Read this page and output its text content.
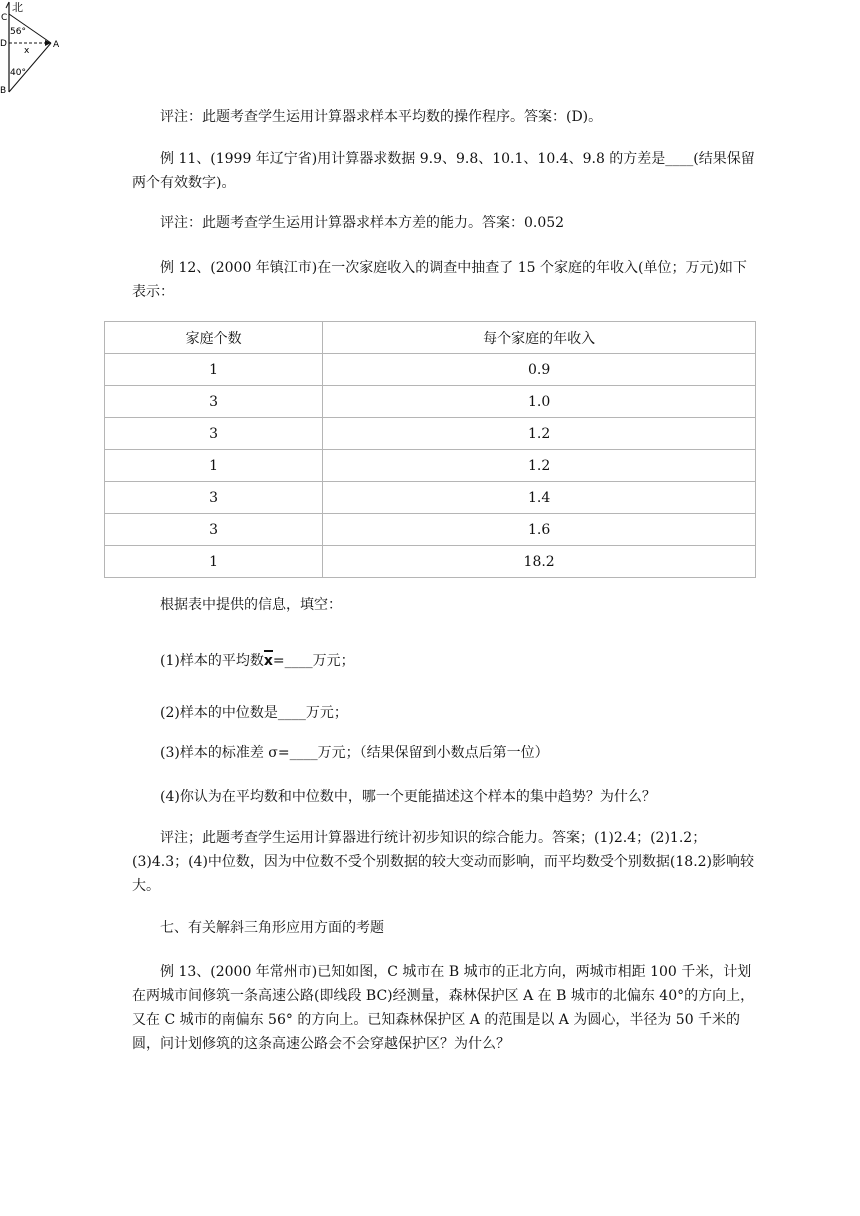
北
C
56°
D
x
A
40°
B

评注：此题考查学生运用计算器求样本平均数的操作程序。答案：(D)。

例 11、(1999 年辽宁省)用计算器求数据 9.9、9.8、10.1、10.4、9.8 的方差是____(结果保留两个有效数字)。

评注：此题考查学生运用计算器求样本方差的能力。答案：0.052

例 12、(2000 年镇江市)在一次家庭收入的调查中抽查了 15 个家庭的年收入(单位；万元)如下表示：

家庭个数	每个家庭的年收入
1	0.9
3	1.0
3	1.2
1	1.2
3	1.4
3	1.6
1	18.2

根据表中提供的信息，填空：

(1)样本的平均数x=____万元；

(2)样本的中位数是____万元；

(3)样本的标准差 σ=____万元；（结果保留到小数点后第一位）

(4)你认为在平均数和中位数中，哪一个更能描述这个样本的集中趋势？为什么？

评注；此题考查学生运用计算器进行统计初步知识的综合能力。答案；(1)2.4；(2)1.2；(3)4.3；(4)中位数，因为中位数不受个别数据的较大变动而影响，而平均数受个别数据(18.2)影响较大。

七、有关解斜三角形应用方面的考题

例 13、(2000 年常州市)已知如图，C 城市在 B 城市的正北方向，两城市相距 100 千米，计划在两城市间修筑一条高速公路(即线段 BC)经测量，森林保护区 A 在 B 城市的北偏东 40°的方向上，又在 C 城市的南偏东 56° 的方向上。已知森林保护区 A 的范围是以 A 为圆心，半径为 50 千米的圆，问计划修筑的这条高速公路会不会穿越保护区？为什么？
